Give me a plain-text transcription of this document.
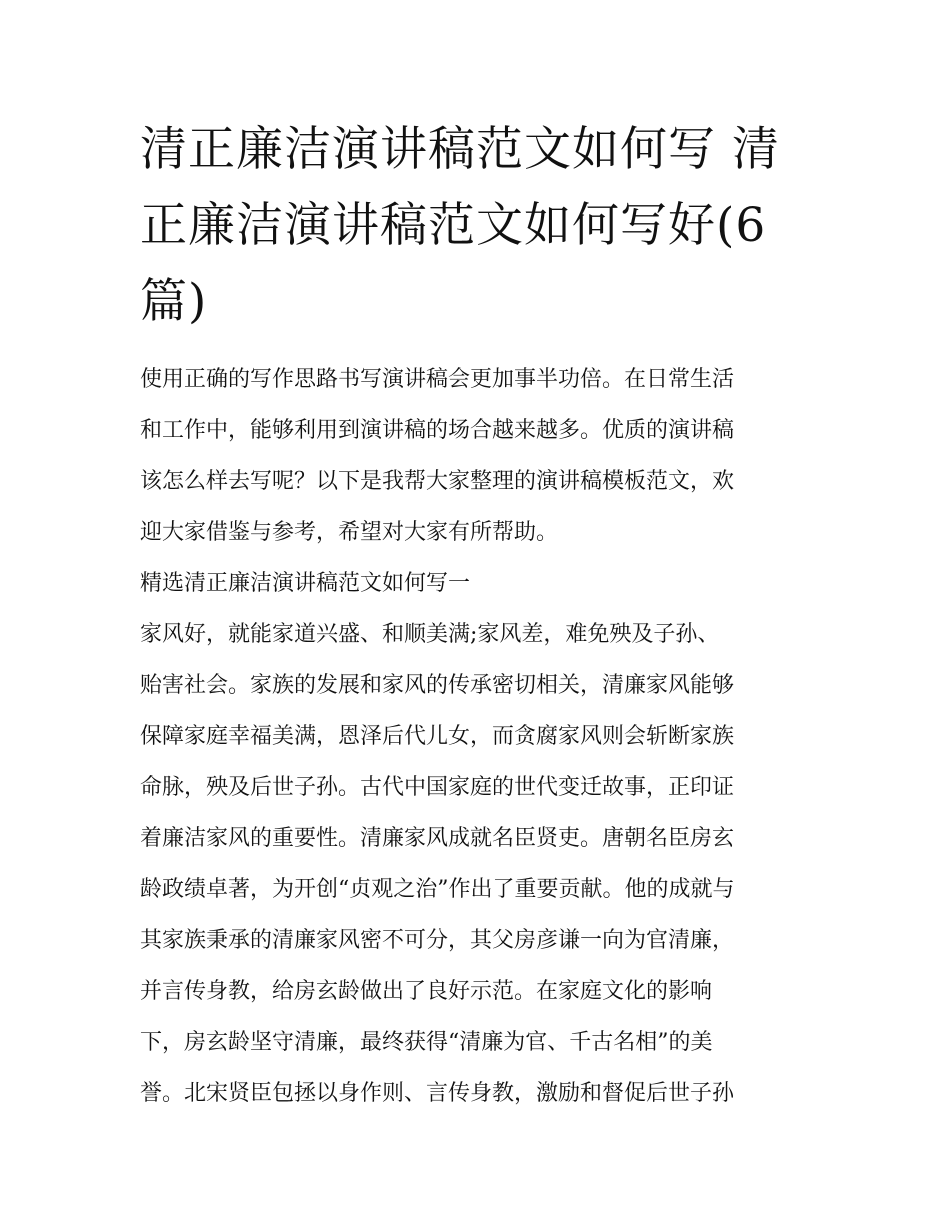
清正廉洁演讲稿范文如何写 清
正廉洁演讲稿范文如何写好(6
篇)
使用正确的写作思路书写演讲稿会更加事半功倍。在日常生活
和工作中，能够利用到演讲稿的场合越来越多。优质的演讲稿
该怎么样去写呢？以下是我帮大家整理的演讲稿模板范文，欢
迎大家借鉴与参考，希望对大家有所帮助。
精选清正廉洁演讲稿范文如何写一
家风好，就能家道兴盛、和顺美满;家风差，难免殃及子孙、
贻害社会。家族的发展和家风的传承密切相关，清廉家风能够
保障家庭幸福美满，恩泽后代儿女，而贪腐家风则会斩断家族
命脉，殃及后世子孙。古代中国家庭的世代变迁故事，正印证
着廉洁家风的重要性。清廉家风成就名臣贤吏。唐朝名臣房玄
龄政绩卓著，为开创“贞观之治”作出了重要贡献。他的成就与
其家族秉承的清廉家风密不可分，其父房彦谦一向为官清廉，
并言传身教，给房玄龄做出了良好示范。在家庭文化的影响
下，房玄龄坚守清廉，最终获得“清廉为官、千古名相”的美
誉。北宋贤臣包拯以身作则、言传身教，激励和督促后世子孙
